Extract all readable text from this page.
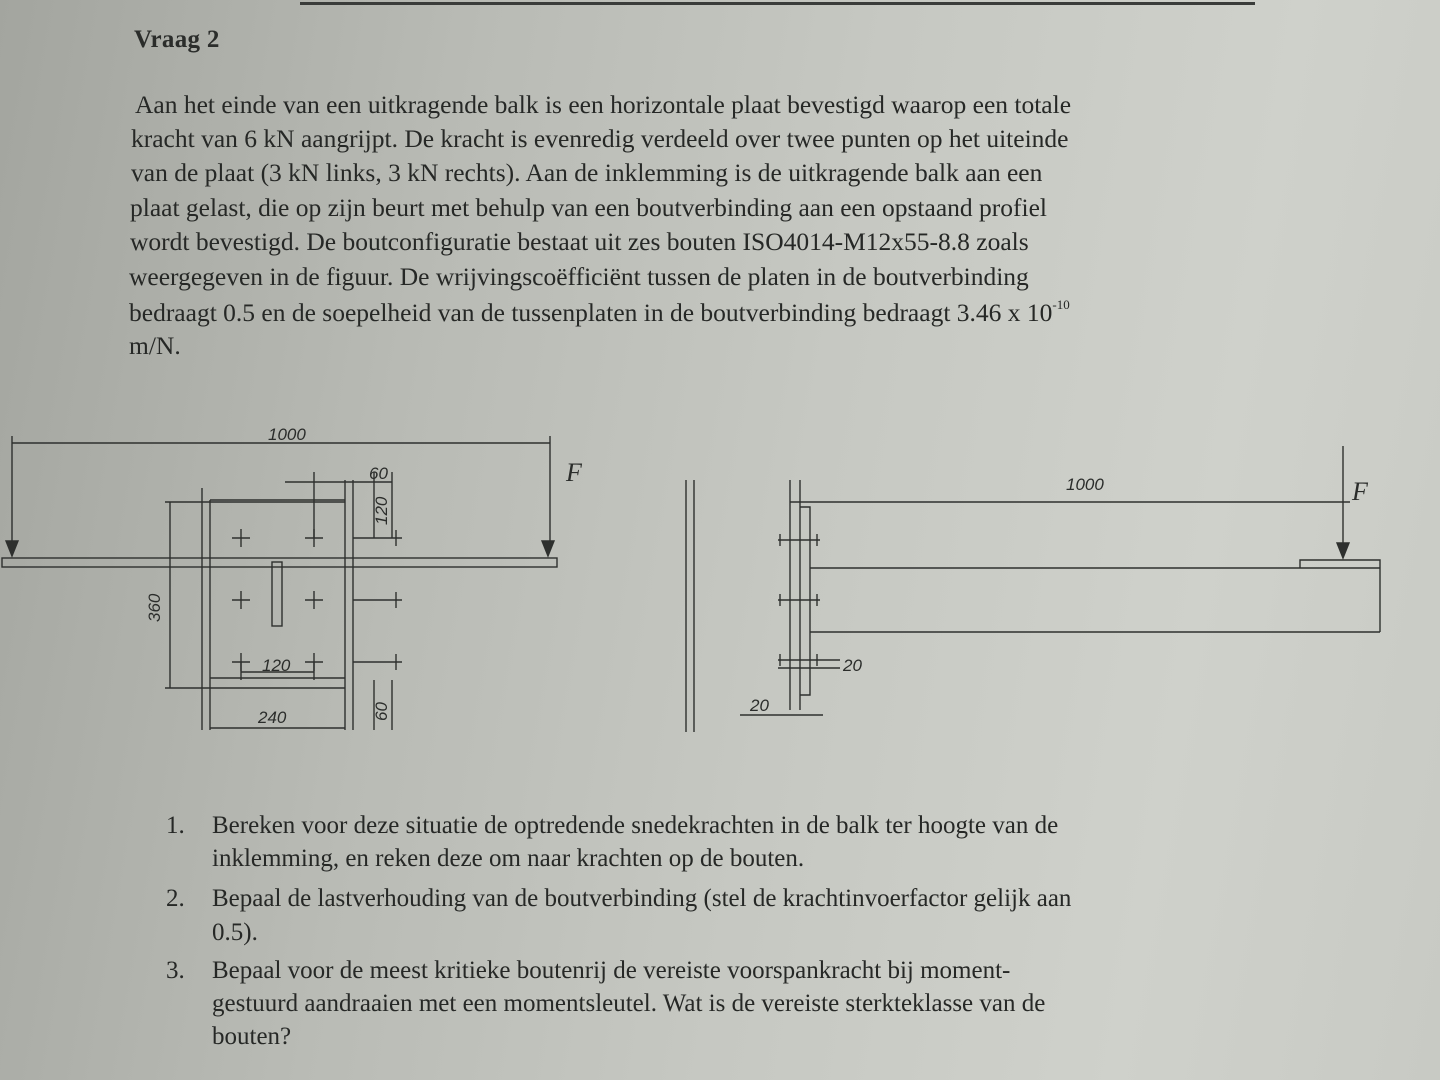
Vraag 2
Aan het einde van een uitkragende balk is een horizontale plaat bevestigd waarop een totale
kracht van 6 kN aangrijpt. De kracht is evenredig verdeeld over twee punten op het uiteinde
van de plaat (3 kN links, 3 kN rechts). Aan de inklemming is de uitkragende balk aan een
plaat gelast, die op zijn beurt met behulp van een boutverbinding aan een opstaand profiel
wordt bevestigd. De boutconfiguratie bestaat uit zes bouten ISO4014-M12x55-8.8 zoals
weergegeven in de figuur. De wrijvingscoëfficiënt tussen de platen in de boutverbinding
bedraagt 0.5 en de soepelheid van de tussenplaten in de boutverbinding bedraagt 3.46 x $10^{-10}$
m/N.
1000
F
60
120
360
120
240	60
1000	F
20
20
1. Bereken voor deze situatie de optredende snedekrachten in de balk ter hoogte van de
inklemming, en reken deze om naar krachten op de bouten.
2. Bepaal de lastverhouding van de boutverbinding (stel de krachtinvoerfactor gelijk aan
0.5).
3. Bepaal voor de meest kritieke boutenrij de vereiste voorspankracht bij moment-
gestuurd aandraaien met een momentsleutel. Wat is de vereiste sterkteklasse van de
bouten?
